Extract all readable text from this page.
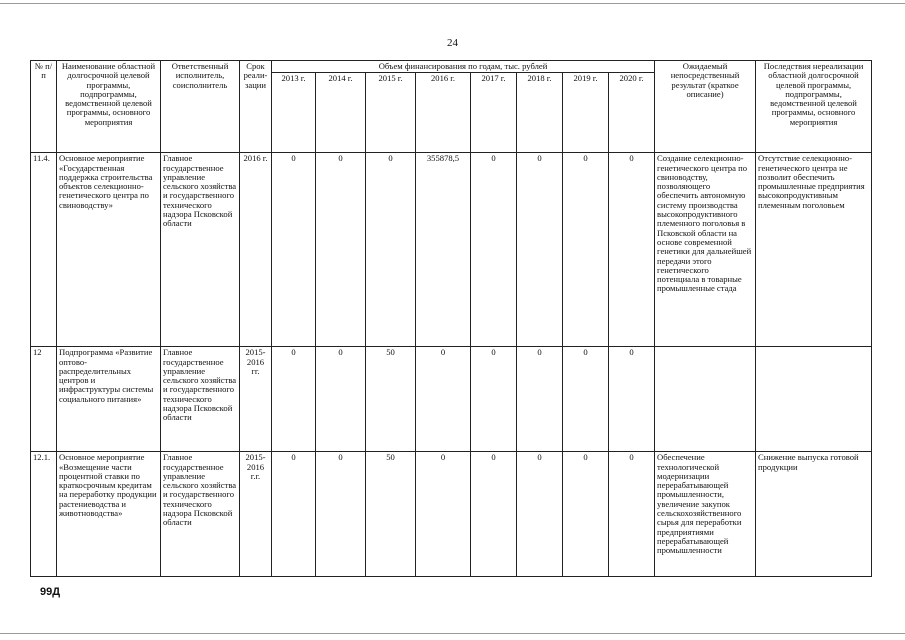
24
№ п/п	Наименование областной долгосрочной целевой программы, подпрограммы, ведомственной целевой программы, основного мероприятия	Ответственный исполнитель, соисполнитель	Срок реали-зации	Объем финансирования по годам, тыс. рублей								Ожидаемый непосредственный результат (краткое описание)	Последствия нереализации областной долгосрочной целевой программы, подпрограммы, ведомственной целевой программы, основного мероприятия
				2013 г.	2014 г.	2015 г.	2016 г.	2017 г.	2018 г.	2019 г.	2020 г.		
11.4.	Основное мероприятие «Государственная поддержка строительства объектов селекционно-генетического центра по свиноводству»	Главное государственное управление сельского хозяйства и государственного технического надзора Псковской области	2016 г.	0	0	0	355878,5	0	0	0	0	Создание селекционно-генетического центра по свиноводству, позволяющего обеспечить автономную систему производства высокопродуктивного племенного поголовья в Псковской области на основе современной генетики для дальнейшей передачи этого генетического потенциала в товарные промышленные стада	Отсутствие селекционно-генетического центра не позволит обеспечить промышленные предприятия высокопродуктивным племенным поголовьем
12	Подпрограмма «Развитие оптово-распределительных центров и инфраструктуры системы социального питания»	Главное государственное управление сельского хозяйства и государственного технического надзора Псковской области	2015-2016 гг.	0	0	50	0	0	0	0	0		
12.1.	Основное мероприятие «Возмещение части процентной ставки по краткосрочным кредитам на переработку продукции растениеводства и животноводства»	Главное государственное управление сельского хозяйства и государственного технического надзора Псковской области	2015-2016 г.г.	0	0	50	0	0	0	0	0	Обеспечение технологической модернизации перерабатывающей промышленности, увеличение закупок сельскохозяйственного сырья для переработки предприятиями перерабатывающей промышленности	Снижение выпуска готовой продукции
99Д
